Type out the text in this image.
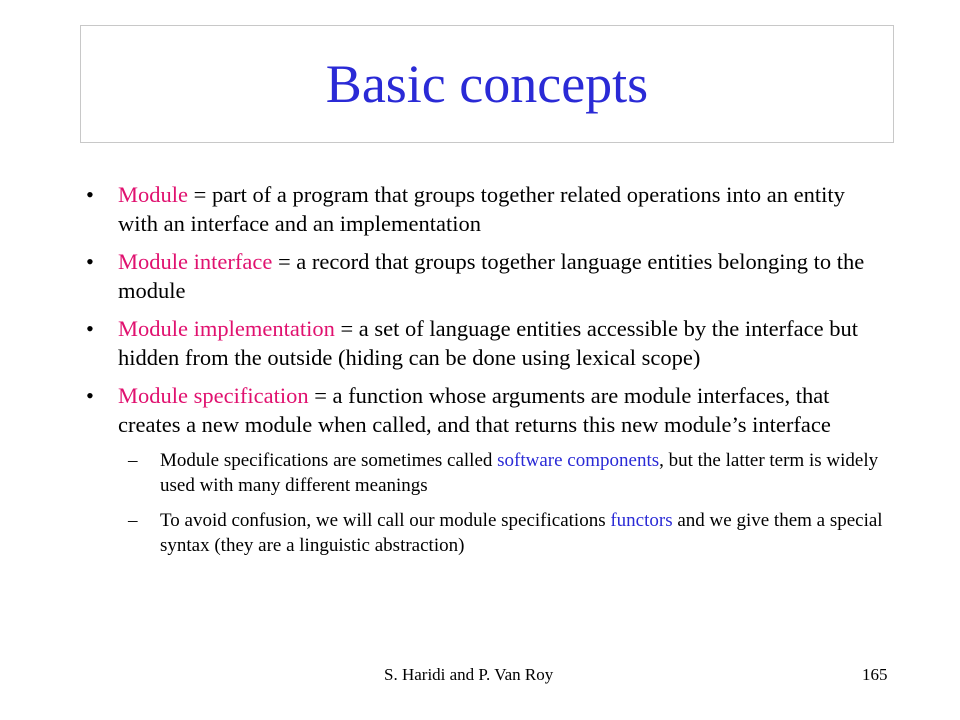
Basic concepts
• Module = part of a program that groups together related operations into an entity with an interface and an implementation
• Module interface = a record that groups together language entities belonging to the module
• Module implementation = a set of language entities accessible by the interface but hidden from the outside (hiding can be done using lexical scope)
• Module specification = a function whose arguments are module interfaces, that creates a new module when called, and that returns this new module’s interface
– Module specifications are sometimes called software components, but the latter term is widely used with many different meanings
– To avoid confusion, we will call our module specifications functors and we give them a special syntax (they are a linguistic abstraction)
S. Haridi and P. Van Roy	165
